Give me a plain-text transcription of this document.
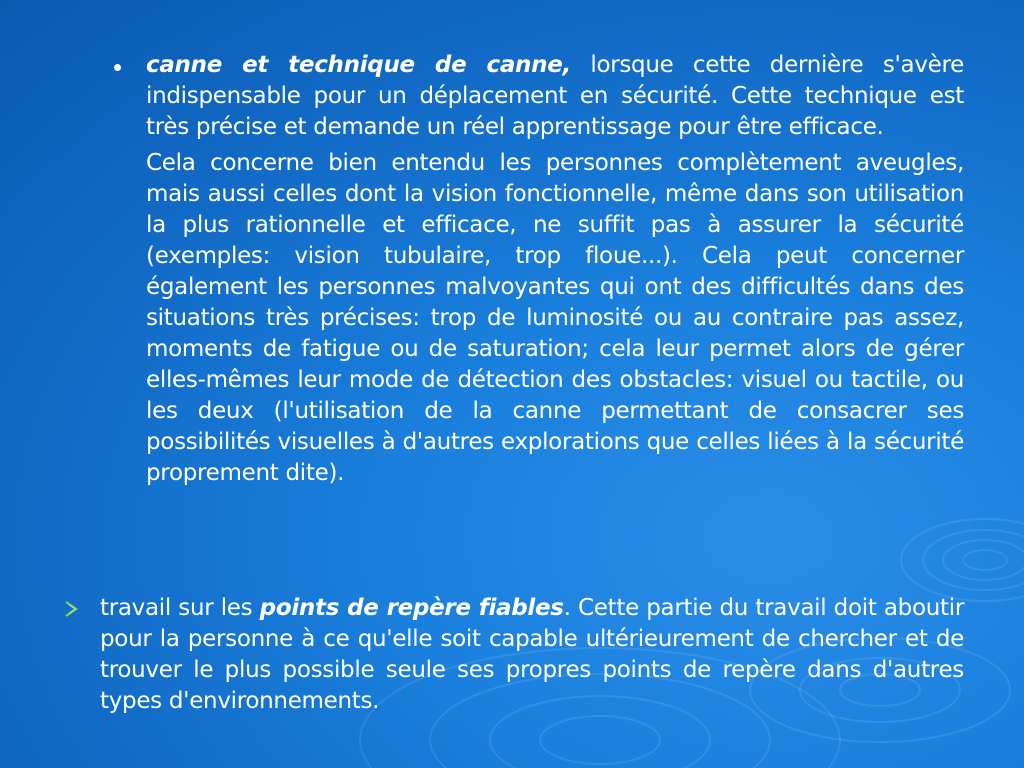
canne et technique de canne, lorsque cette dernière s'avère indispensable pour un déplacement en sécurité. Cette technique est très précise et demande un réel apprentissage pour être efficace.

Cela concerne bien entendu les personnes complètement aveugles, mais aussi celles dont la vision fonctionnelle, même dans son utilisation la plus rationnelle et efficace, ne suffit pas à assurer la sécurité (exemples: vision tubulaire, trop floue...). Cela peut concerner également les personnes malvoyantes qui ont des difficultés dans des situations très précises: trop de luminosité ou au contraire pas assez, moments de fatigue ou de saturation; cela leur permet alors de gérer elles-mêmes leur mode de détection des obstacles: visuel ou tactile, ou les deux (l'utilisation de la canne permettant de consacrer ses possibilités visuelles à d'autres explorations que celles liées à la sécurité proprement dite).

travail sur les points de repère fiables. Cette partie du travail doit aboutir pour la personne à ce qu'elle soit capable ultérieurement de chercher et de trouver le plus possible seule ses propres points de repère dans d'autres types d'environnements.
